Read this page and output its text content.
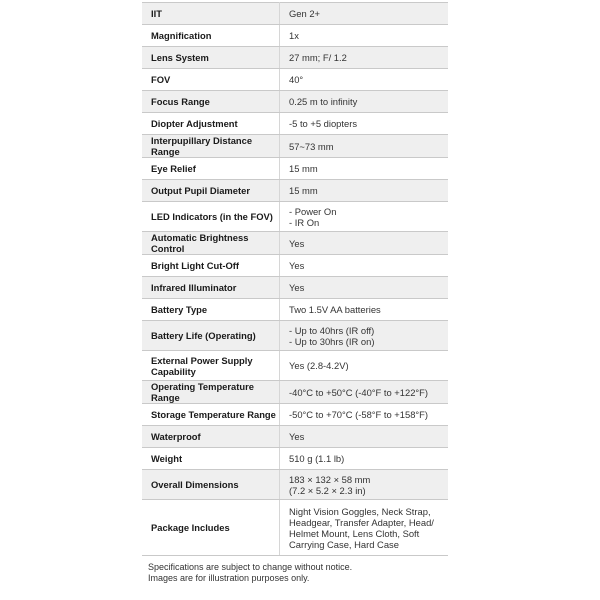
IIT	Gen 2+

Magnification	1x

Lens System	27 mm; F/ 1.2

FOV	40°

Focus Range	0.25 m to infinity

Diopter Adjustment	-5 to +5 diopters

Interpupillary Distance Range	57~73 mm

Eye Relief	15 mm

Output Pupil Diameter	15 mm

LED Indicators (in the FOV)	- Power On
- IR On

Automatic Brightness Control	Yes

Bright Light Cut-Off	Yes

Infrared Illuminator	Yes

Battery Type	Two 1.5V AA batteries

Battery Life (Operating)	- Up to 40hrs (IR off)
- Up to 30hrs (IR on)

External Power Supply Capability	Yes (2.8-4.2V)

Operating Temperature Range	-40°C to +50°C (-40°F to +122°F)

Storage Temperature Range	-50°C to +70°C (-58°F to +158°F)

Waterproof	Yes

Weight	510 g (1.1 lb)

Overall Dimensions	183 × 132 × 58 mm
(7.2 × 5.2 × 2.3 in)

Package Includes	Night Vision Goggles, Neck Strap,
Headgear, Transfer Adapter, Head/
Helmet Mount, Lens Cloth, Soft
Carrying Case, Hard Case
Specifications are subject to change without notice.
Images are for illustration purposes only.
